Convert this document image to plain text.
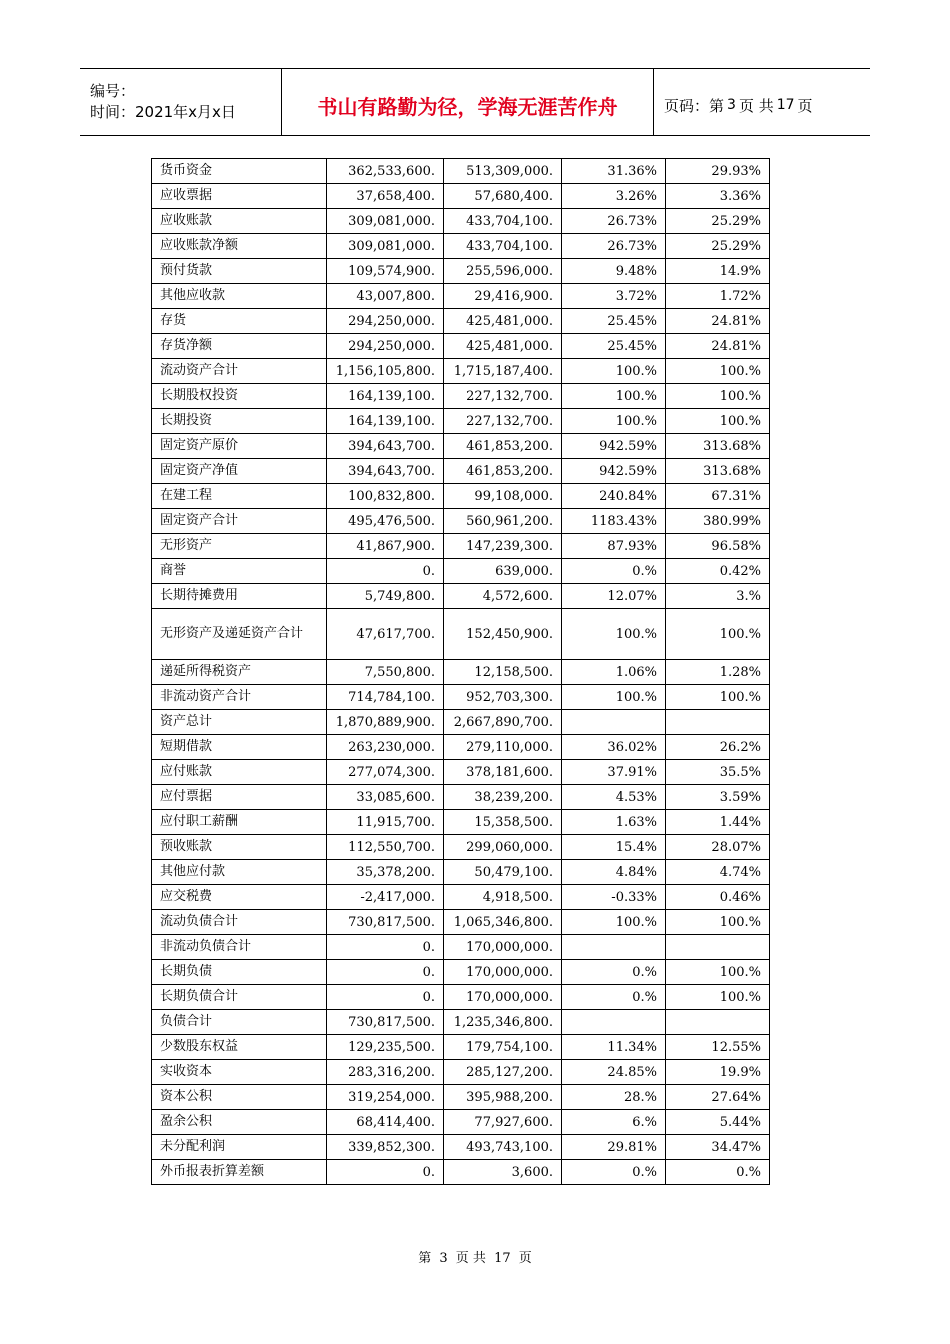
编号：
时间：2021年x月x日	书山有路勤为径，学海无涯苦作舟	页码：第 3 页 共 17 页
货币资金	362,533,600.	513,309,000.	31.36%	29.93%
应收票据	37,658,400.	57,680,400.	3.26%	3.36%
应收账款	309,081,000.	433,704,100.	26.73%	25.29%
应收账款净额	309,081,000.	433,704,100.	26.73%	25.29%
预付货款	109,574,900.	255,596,000.	9.48%	14.9%
其他应收款	43,007,800.	29,416,900.	3.72%	1.72%
存货	294,250,000.	425,481,000.	25.45%	24.81%
存货净额	294,250,000.	425,481,000.	25.45%	24.81%
流动资产合计	1,156,105,800.	1,715,187,400.	100.%	100.%
长期股权投资	164,139,100.	227,132,700.	100.%	100.%
长期投资	164,139,100.	227,132,700.	100.%	100.%
固定资产原价	394,643,700.	461,853,200.	942.59%	313.68%
固定资产净值	394,643,700.	461,853,200.	942.59%	313.68%
在建工程	100,832,800.	99,108,000.	240.84%	67.31%
固定资产合计	495,476,500.	560,961,200.	1183.43%	380.99%
无形资产	41,867,900.	147,239,300.	87.93%	96.58%
商誉	0.	639,000.	0.%	0.42%
长期待摊费用	5,749,800.	4,572,600.	12.07%	3.%
无形资产及递延资产合计	47,617,700.	152,450,900.	100.%	100.%
递延所得税资产	7,550,800.	12,158,500.	1.06%	1.28%
非流动资产合计	714,784,100.	952,703,300.	100.%	100.%
资产总计	1,870,889,900.	2,667,890,700.		
短期借款	263,230,000.	279,110,000.	36.02%	26.2%
应付账款	277,074,300.	378,181,600.	37.91%	35.5%
应付票据	33,085,600.	38,239,200.	4.53%	3.59%
应付职工薪酬	11,915,700.	15,358,500.	1.63%	1.44%
预收账款	112,550,700.	299,060,000.	15.4%	28.07%
其他应付款	35,378,200.	50,479,100.	4.84%	4.74%
应交税费	-2,417,000.	4,918,500.	-0.33%	0.46%
流动负债合计	730,817,500.	1,065,346,800.	100.%	100.%
非流动负债合计	0.	170,000,000.		
长期负债	0.	170,000,000.	0.%	100.%
长期负债合计	0.	170,000,000.	0.%	100.%
负债合计	730,817,500.	1,235,346,800.		
少数股东权益	129,235,500.	179,754,100.	11.34%	12.55%
实收资本	283,316,200.	285,127,200.	24.85%	19.9%
资本公积	319,254,000.	395,988,200.	28.%	27.64%
盈余公积	68,414,400.	77,927,600.	6.%	5.44%
未分配利润	339,852,300.	493,743,100.	29.81%	34.47%
外币报表折算差额	0.	3,600.	0.%	0.%
第 3 页 共 17 页
